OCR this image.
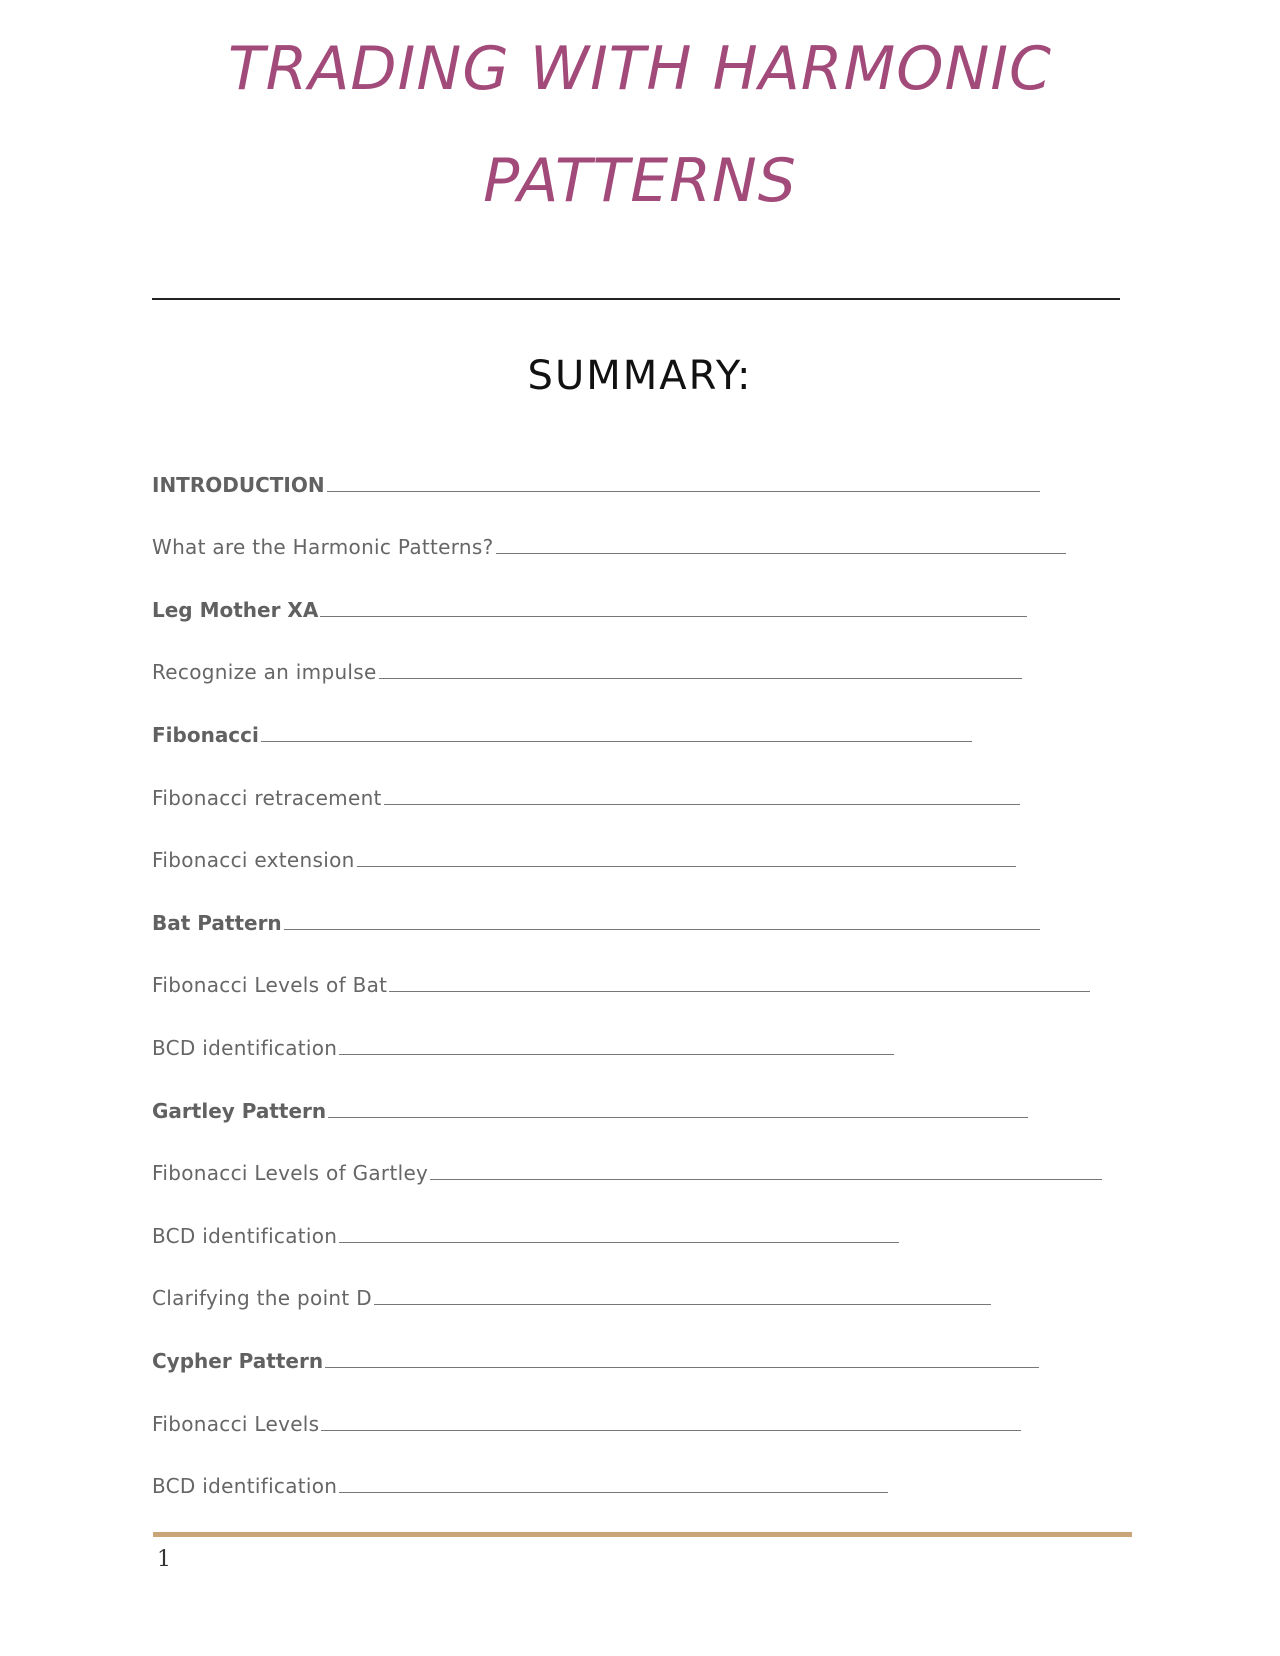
TRADING WITH HARMONIC
PATTERNS
SUMMARY:
INTRODUCTION
What are the Harmonic Patterns?
Leg Mother XA
Recognize an impulse
Fibonacci
Fibonacci retracement
Fibonacci extension
Bat Pattern
Fibonacci Levels of Bat
BCD identification
Gartley Pattern
Fibonacci Levels of Gartley
BCD identification
Clarifying the point D
Cypher Pattern
Fibonacci Levels
BCD identification
1
